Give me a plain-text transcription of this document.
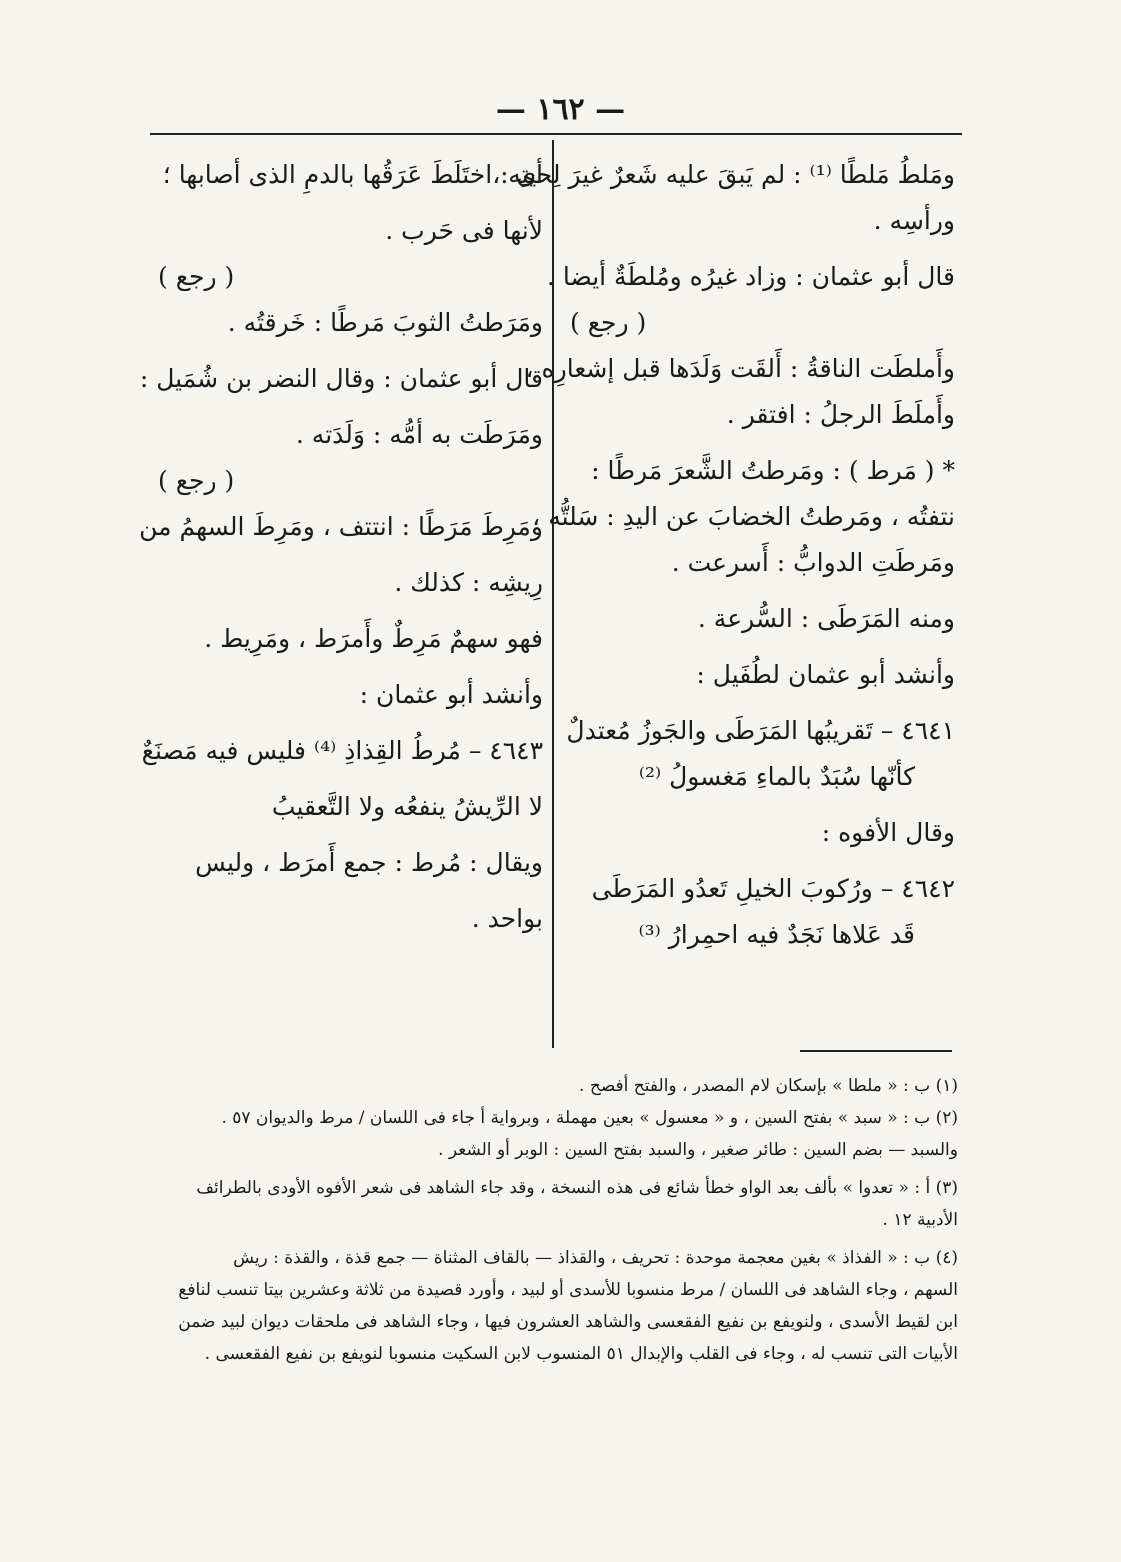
— ١٦٢ —
ومَلطُ مَلطًا ⁽¹⁾ : لم يَبقَ عليه شَعرٌ غيرَ لِحيتِه ،
ورأسِه .
قال أبو عثمان : وزاد غيرُه ومُلطَةٌ أيضا .
( رجع )
وأَملطَت الناقةُ : أَلقَت وَلَدَها قبل إشعارِه ،
وأَملَطَ الرجلُ : افتقر .
* ( مَرط ) : ومَرطتُ الشَّعرَ مَرطًا :
نتفتُه ، ومَرطتُ الخضابَ عن اليدِ : سَلتُّه ،
ومَرطَتِ الدوابُّ : أَسرعت .
ومنه المَرَطَى : السُّرعة .
وأنشد أبو عثمان لطُفَيل :
٤٦٤١ – تَقريبُها المَرَطَى والجَوزُ مُعتدلٌ
كأنّها سُبَدٌ بالماءِ مَغسولُ ⁽²⁾
وقال الأفوه :
٤٦٤٢ – ورُكوبَ الخيلِ تَعدُو المَرَطَى
قَد عَلاها نَجَدٌ فيه احمِرارُ ⁽³⁾
أى : اختَلَطَ عَرَقُها بالدمِ الذى أصابها ؛
لأنها فى حَرب .
( رجع )
ومَرَطتُ الثوبَ مَرطًا : خَرقتُه .
قال أبو عثمان : وقال النضر بن شُمَيل :
ومَرَطَت به أمُّه : وَلَدَته .
( رجع )
ومَرِطَ مَرَطًا : انتتف ، ومَرِطَ السهمُ من
رِيشِه : كذلك .
فهو سهمٌ مَرِطٌ وأَمرَط ، ومَرِيط .
وأنشد أبو عثمان :
٤٦٤٣ – مُرطُ القِذاذِ ⁽⁴⁾ فليس فيه مَصنَعٌ
لا الرِّيشُ ينفعُه ولا التَّعقيبُ
ويقال : مُرط : جمع أَمرَط ، وليس
بواحد .
(١) ب : « ملطا » بإسكان لام المصدر ، والفتح أفصح .
(٢) ب : « سبد » بفتح السين ، و « معسول » بعين مهملة ، وبرواية أ جاء فى اللسان / مرط والديوان ٥٧ .
والسبد — بضم السين : طائر صغير ، والسبد بفتح السين : الوبر أو الشعر .
(٣) أ : « تعدوا » بألف بعد الواو خطأ شائع فى هذه النسخة ، وقد جاء الشاهد فى شعر الأفوه الأودى بالطرائف
الأدبية ١٢ .
(٤) ب : « الفذاذ » بغين معجمة موحدة : تحريف ، والقذاذ — بالقاف المثناة — جمع قذة ، والقذة : ريش
السهم ، وجاء الشاهد فى اللسان / مرط منسوبا للأسدى أو لبيد ، وأورد قصيدة من ثلاثة وعشرين بيتا تنسب لنافع
ابن لقيط الأسدى ، ولنويفع بن نفيع الفقعسى والشاهد العشرون فيها ، وجاء الشاهد فى ملحقات ديوان لبيد ضمن
الأبيات التى تنسب له ، وجاء فى القلب والإبدال ٥١ المنسوب لابن السكيت منسوبا لنويفع بن نفيع الفقعسى .
